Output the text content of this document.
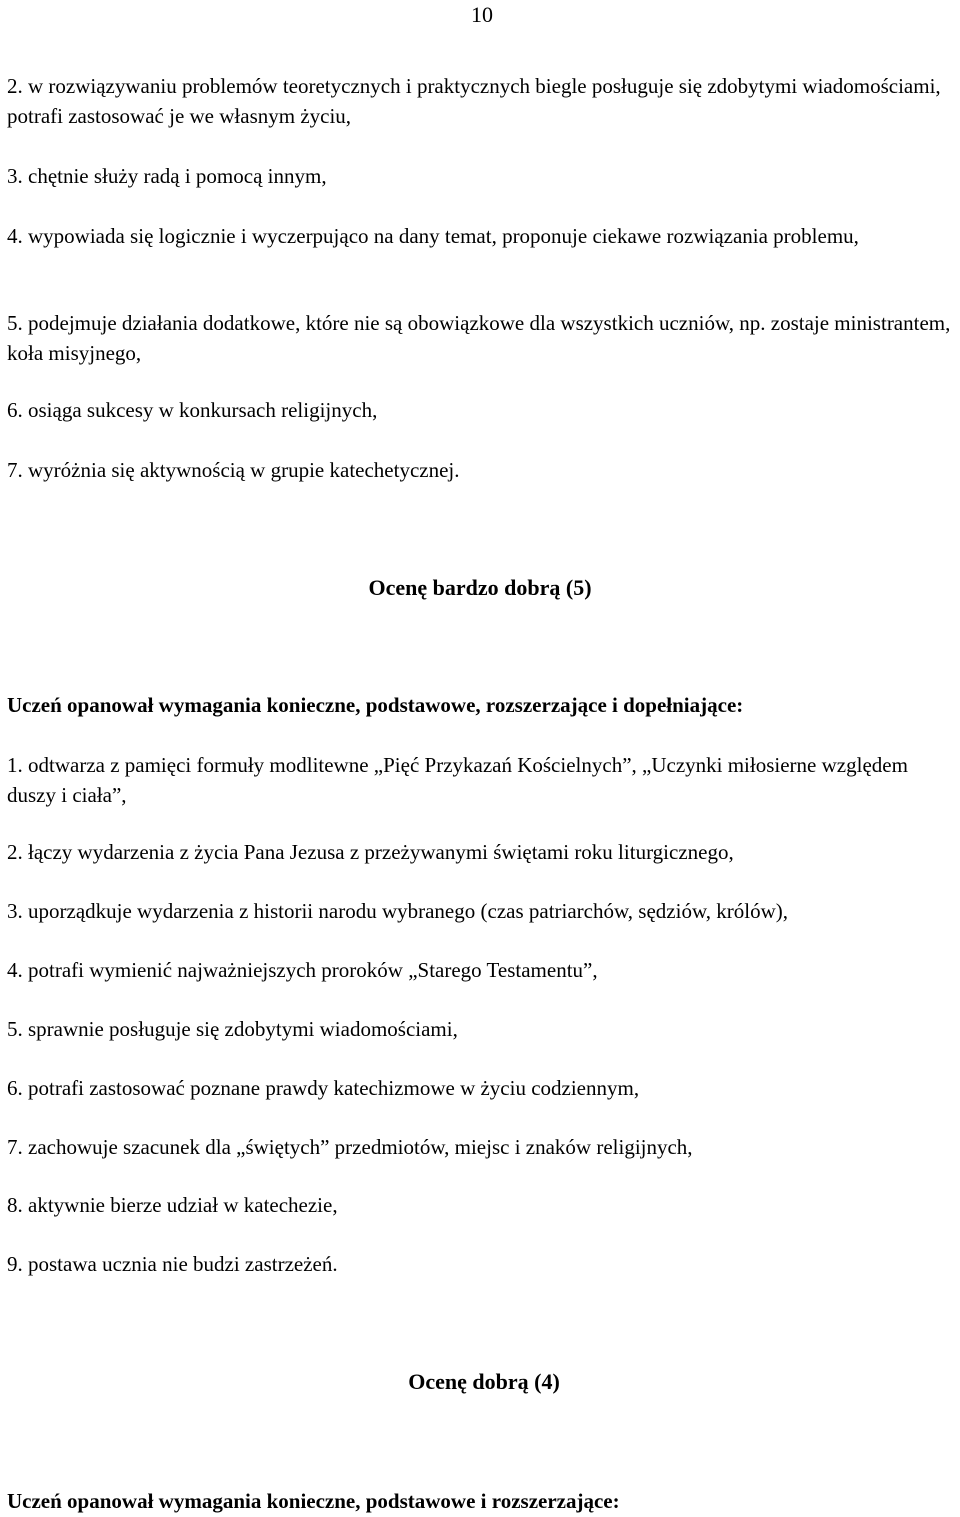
10

2. w rozwiązywaniu problemów teoretycznych i praktycznych biegle posługuje się zdobytymi wiadomościami, potrafi zastosować je we własnym życiu,

3. chętnie służy radą i pomocą innym,

4. wypowiada się logicznie i wyczerpująco na dany temat, proponuje ciekawe rozwiązania problemu,

5. podejmuje działania dodatkowe, które nie są obowiązkowe dla wszystkich uczniów, np. zostaje ministrantem, koła misyjnego,

6. osiąga sukcesy w konkursach religijnych,

7. wyróżnia się aktywnością w grupie katechetycznej.

Ocenę bardzo dobrą (5)

Uczeń opanował wymagania konieczne, podstawowe, rozszerzające i dopełniające:

1. odtwarza z pamięci formuły modlitewne „Pięć Przykazań Kościelnych”, „Uczynki miłosierne względem duszy i ciała”,

2. łączy wydarzenia z życia Pana Jezusa z przeżywanymi świętami roku liturgicznego,

3. uporządkuje wydarzenia z historii narodu wybranego (czas patriarchów, sędziów, królów),

4. potrafi wymienić najważniejszych proroków „Starego Testamentu”,

5. sprawnie posługuje się zdobytymi wiadomościami,

6. potrafi zastosować poznane prawdy katechizmowe w życiu codziennym,

7. zachowuje szacunek dla „świętych” przedmiotów, miejsc i znaków religijnych,

8. aktywnie bierze udział w katechezie,

9. postawa ucznia nie budzi zastrzeżeń.

Ocenę dobrą (4)

Uczeń opanował wymagania konieczne, podstawowe i rozszerzające:
